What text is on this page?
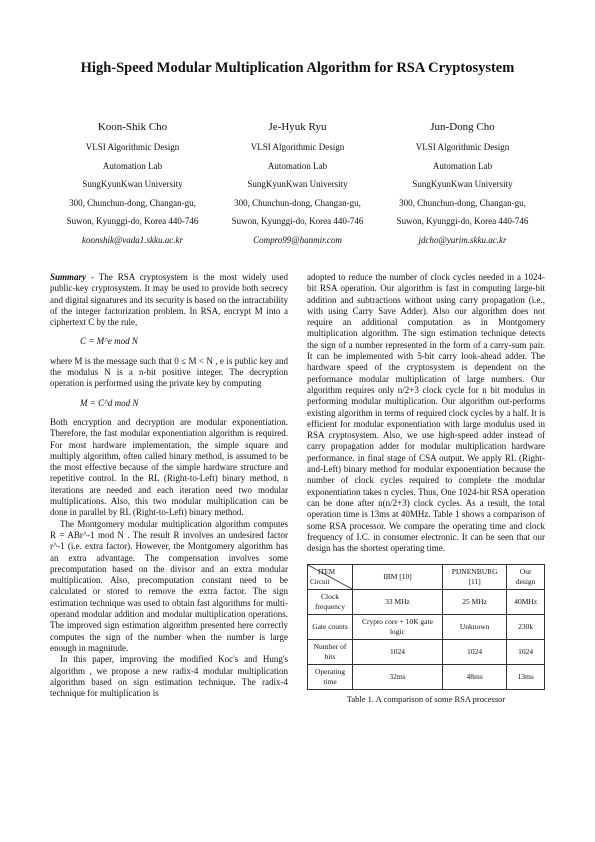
High-Speed Modular Multiplication Algorithm for RSA Cryptosystem
Koon-Shik Cho
VLSI Algorithmic Design
Automation Lab
SungKyunKwan University
300, Chunchun-dong, Changan-gu,
Suwon, Kyunggi-do, Korea 440-746
koonshik@vada1.skku.ac.kr
Je-Hyuk Ryu
VLSI Algorithmic Design
Automation Lab
SungKyunKwan University
300, Chunchun-dong, Changan-gu,
Suwon, Kyunggi-do, Korea 440-746
Compro99@hanmir.com
Jun-Dong Cho
VLSI Algorithmic Design
Automation Lab
SungKyunKwan University
300, Chunchun-dong, Changan-gu,
Suwon, Kyunggi-do, Korea 440-746
jdcho@yurim.skku.ac.kr

Summary - The RSA cryptosystem is the most widely used public-key cryptosystem. It may be used to provide both secrecy and digital signatures and its security is based on the intractability of the integer factorization problem. In RSA, encrypt M into a ciphertext C by the rule,

C = M^e mod N

where M is the message such that 0 ≤ M < N , e is public key and the modulus N is a n-bit positive integer. The decryption operation is performed using the private key by computing

M = C^d mod N

Both encryption and decryption are modular exponentiation. Therefore, the fast modular exponentiation algorithm is required. For most hardware implementation, the simple square and multiply algorithm, often called binary method, is assumed to be the most effective because of the simple hardware structure and repetitive control. In the RL (Right-to-Left) binary method, n iterations are needed and each iteration need two modular multiplications. Also, this two modular multiplication can be done in parallel by RL (Right-to-Left) binary method.

The Montgomery modular multiplication algorithm computes R = ABr^-1 mod N . The result R involves an undesired factor r^-1 (i.e. extra factor). However, the Montgomery algorithm has an extra advantage. The compensation involves some precomputation based on the divisor and an extra modular multiplication. Also, precomputation constant need to be calculated or stored to remove the extra factor. The sign estimation technique was used to obtain fast algorithms for multi-operand modular addition and modular multiplication operations. The improved sign estimation algorithm presented here correctly computes the sign of the number when the number is large enough in magnitude.

In this paper, improving the modified Koc's and Hung's algorithm , we propose a new radix-4 modular multiplication algorithm based on sign estimation technique. The radix-4 technique for multiplication is

adopted to reduce the number of clock cycles needed in a 1024-bit RSA operation. Our algorithm is fast in computing large-bit addition and subtractions without using carry propagation (i.e., with using Carry Save Adder). Also our algorithm does not require an additional computation as in Montgomery multiplication algorithm. The sign estimation technique detects the sign of a number represented in the form of a carry-sum pair. It can be implemented with 5-bit carry look-ahead adder. The hardware speed of the cryptosystem is dependent on the performance modular multiplication of large numbers. Our algorithm requires only n/2+3 clock cycle for n bit modulus in performing modular multiplication. Our algorithm out-performs existing algorithm in terms of required clock cycles by a half. It is efficient for modular exponentiation with large modulus used in RSA cryptosystem. Also, we use high-speed adder instead of carry propagation adder for modular multiplication hardware performance. in final stage of CSA output. We apply RL (Right-and-Left) binary method for modular exponentiation because the number of clock cycles required to complete the modular exponentiation takes n cycles. Thus, One 1024-bit RSA operation can be done after n(n/2+3) clock cycles. As a result, the total operation time is 13ms at 40MHz. Table 1 shows a comparison of some RSA processor. We compare the operating time and clock frequency of I.C. in consumer electronic. It can be seen that our design has the shortest operating time.

ITEM
Circuit	IBM [10]	PIJNENBURG [11]	Our design
Clock frequency	33 MHz	25 MHz	40MHz
Gate counts	Crypto core + 10K gate logic	Unknown	230k
Number of bits	1024	1024	1024
Operating time	32ms	48ms	13ms
Table 1. A comparison of some RSA processor
